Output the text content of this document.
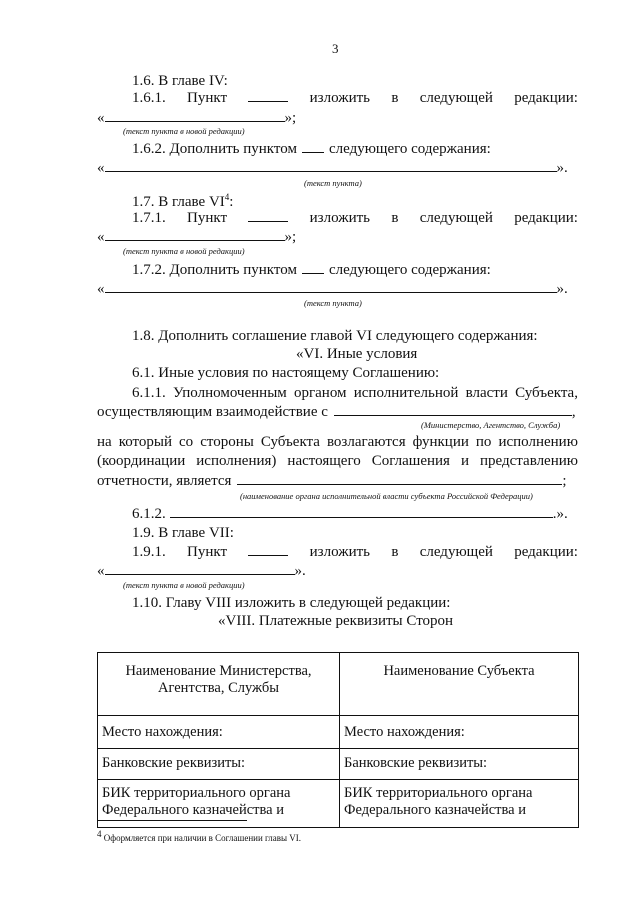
3
1.6. В главе IV:
1.6.1. Пункт	изложить в следующей редакции:
«	»;
(текст пункта в новой редакции)
1.6.2. Дополнить пунктом следующего содержания:
«	».
(текст пункта)
1.7. В главе $VI^4$:
1.7.1. Пункт	изложить в следующей редакции:
«	»;
(текст пункта в новой редакции)
1.7.2. Дополнить пунктом следующего содержания:
«	».
(текст пункта)
1.8. Дополнить соглашение главой VI следующего содержания:
«VI. Иные условия
6.1. Иные условия по настоящему Соглашению:
6.1.1. Уполномоченным органом исполнительной власти Субъекта,
осуществляющим взаимодействие с	,
(Министерство, Агентство, Служба)
на который со стороны Субъекта возлагаются функции по исполнению
(координации исполнения) настоящего Соглашения и представлению
отчетности, является	;
(наименование органа исполнительной власти субъекта Российской Федерации)
6.1.2.	.».
1.9. В главе VII:
1.9.1. Пункт	изложить в следующей редакции:
«	».
(текст пункта в новой редакции)
1.10. Главу VIII изложить в следующей редакции:
«VIII. Платежные реквизиты Сторон
Наименование Министерства, Агентства, Службы	Наименование Субъекта
Место нахождения:	Место нахождения:
Банковские реквизиты:	Банковские реквизиты:
БИК территориального органа Федерального казначейства и	БИК территориального органа Федерального казначейства и
$^4$ Оформляется при наличии в Соглашении главы VI.
